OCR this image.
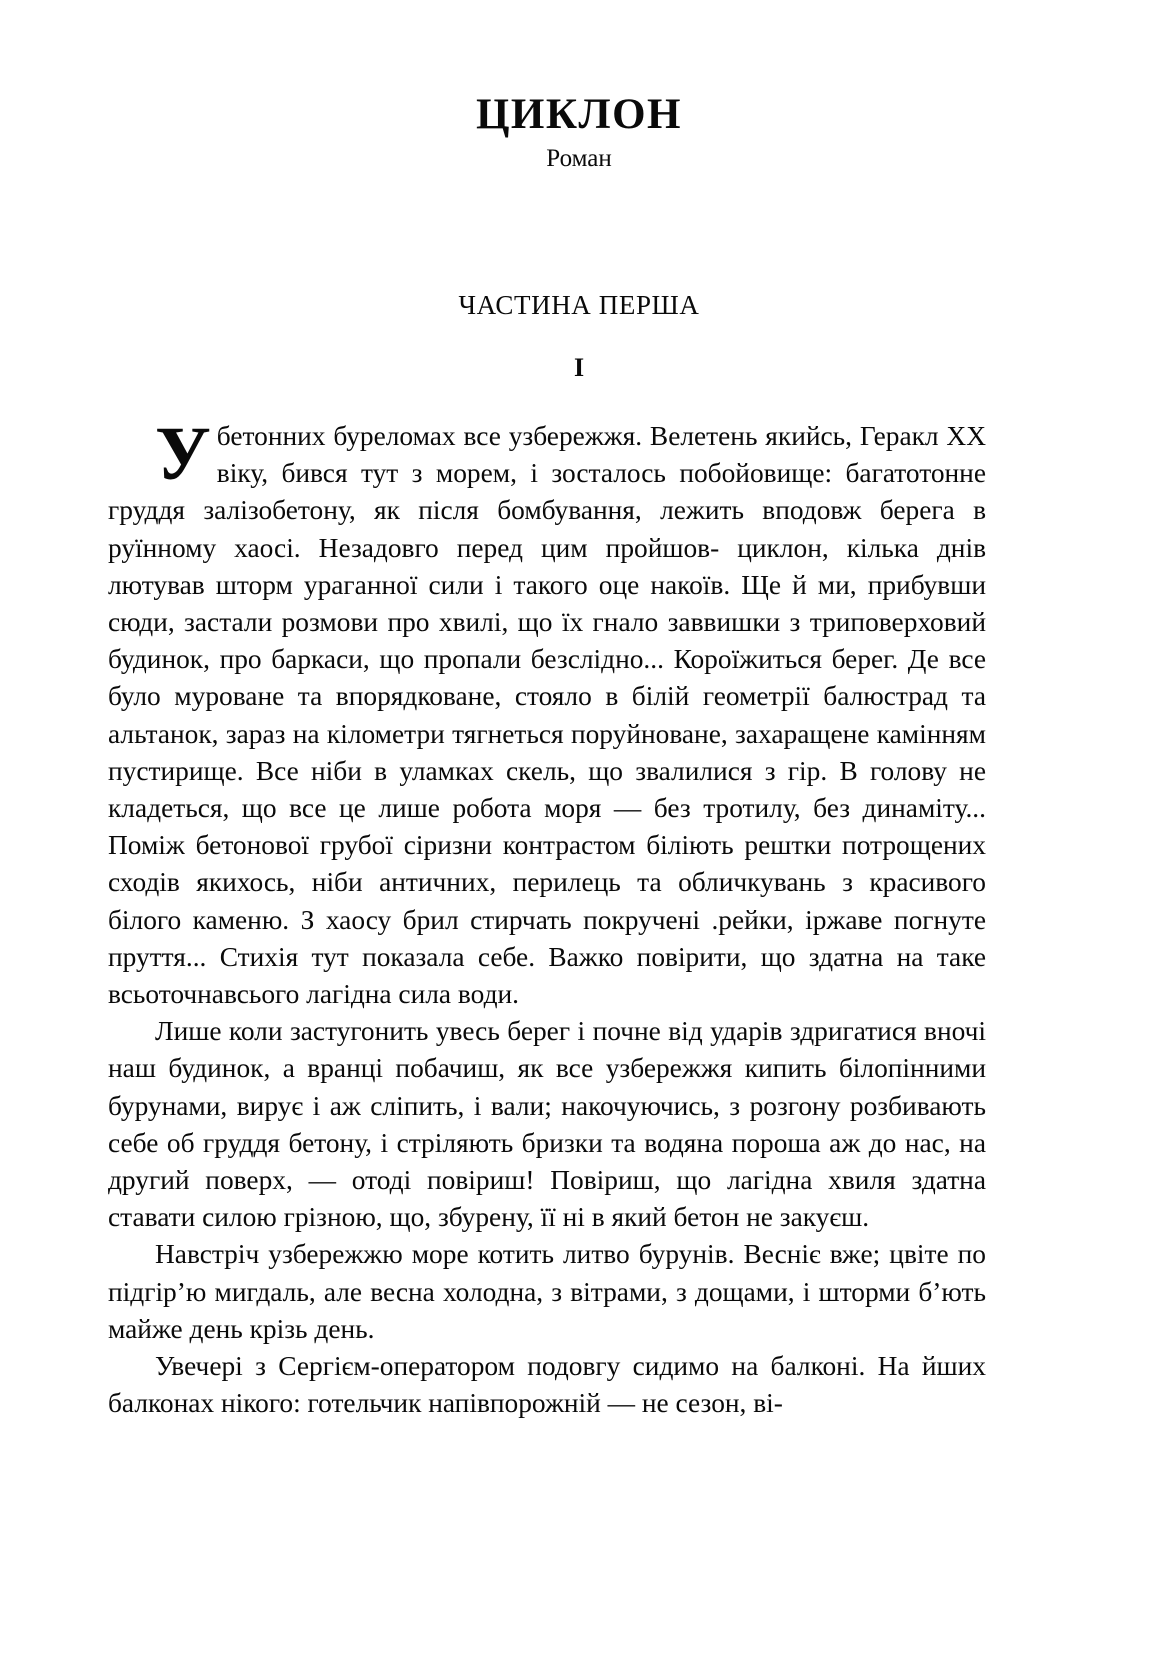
ЦИКЛОН
Роман
ЧАСТИНА ПЕРША
I

Убетонних буреломах все узбережжя. Велетень якийсь, Геракл ХХ віку, бився тут з морем, і зосталось побойовище: багатотонне груддя залізобетону, як після бомбування, лежить вподовж берега в руїнному хаосі. Незадовго перед цим пройшов- циклон, кілька днів лютував шторм ураганної сили і такого оце накоїв. Ще й ми, прибувши сюди, застали розмови про хвилі, що їх гнало заввишки з триповерховий будинок, про баркаси, що пропали безслідно... Короїжиться берег. Де все було муроване та впорядковане, стояло в білій геометрії балюстрад та альтанок, зараз на кілометри тягнеться поруйноване, захаращене камінням пустирище. Все ніби в уламках скель, що звалилися з гір. В голову не кладеться, що все це лише робота моря — без тротилу, без динаміту... Поміж бетонової грубої сіризни контрастом біліють рештки потрощених сходів якихось, ніби античних, перилець та обличкувань з красивого білого каменю. З хаосу брил стирчать покручені .рейки, іржаве погнуте пруття... Стихія тут показала себе. Важко повірити, що здатна на таке всьоточнавсього лагідна сила води.

Лише коли застугонить увесь берег і почне від ударів здригатися вночі наш будинок, а вранці побачиш, як все узбережжя кипить білопінними бурунами, вирує і аж сліпить, і вали; накочуючись, з розгону розбивають себе об груддя бетону, і стріляють бризки та водяна пороша аж до нас, на другий поверх, — отоді повіриш! Повіриш, що лагідна хвиля здатна ставати силою грізною, що, збурену, її ні в який бетон не закуєш.

Навстріч узбережжю море котить литво бурунів. Весніє вже; цвіте по підгір’ю мигдаль, але весна холодна, з вітрами, з дощами, і шторми б’ють майже день крізь день.

Увечері з Сергієм-оператором подовгу сидимо на балконі. На йших балконах нікого: готельчик напівпорожній — не сезон, ві-
